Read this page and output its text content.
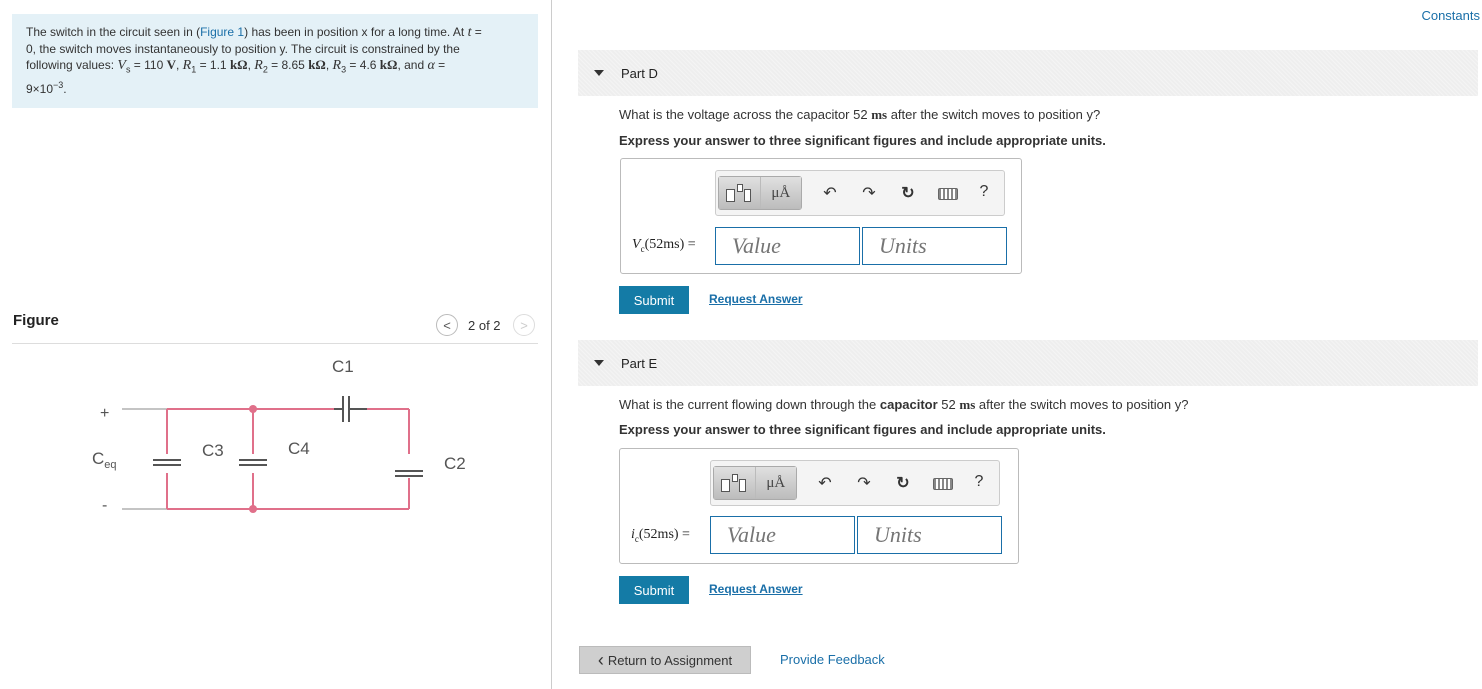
The switch in the circuit seen in (Figure 1) has been in position x for a long time. At t =
0, the switch moves instantaneously to position y. The circuit is constrained by the
following values: $V_s = 110$ V, $R_1 = 1.1$ kΩ, $R_2 = 8.65$ kΩ, $R_3 = 4.6$ kΩ, and α =
$9\times 10^{-3}$.
Figure	< 2 of 2 >
+
-
$C_{eq}$
C1
C2
C3	C4
Constants
Part D
What is the voltage across the capacitor 52 ms after the switch moves to position y?
Express your answer to three significant figures and include appropriate units.
μÅ ↶ ↷ ↻	?
$V_c(52ms)$ =
Value
Units
Submit	Request Answer
Part E
What is the current flowing down through the capacitor 52 ms after the switch moves to position y?
Express your answer to three significant figures and include appropriate units.
μÅ ↶ ↷ ↻	?
$i_c(52ms)$ =
Value
Units
Submit	Request Answer
‹ Return to Assignment	Provide Feedback
